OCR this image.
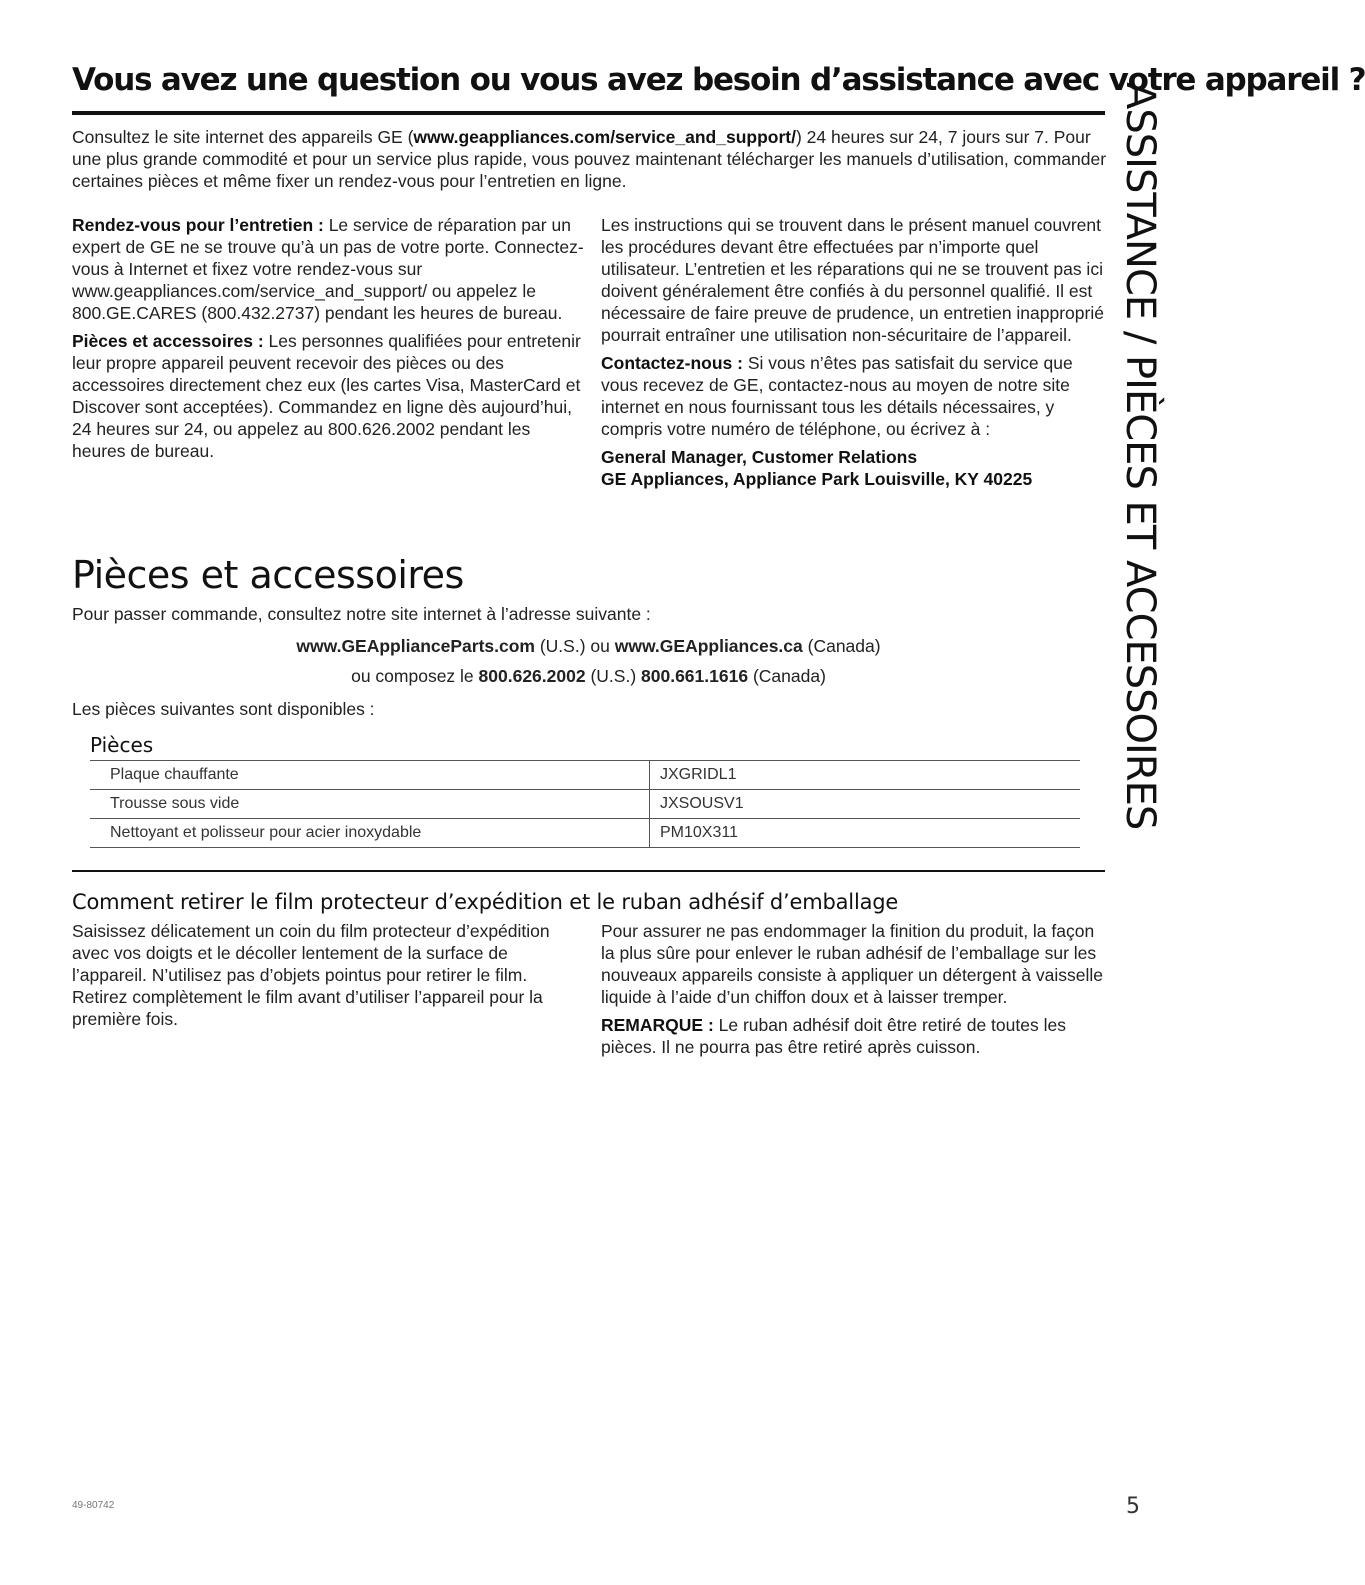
Vous avez une question ou vous avez besoin d’assistance avec votre appareil ?

Consultez le site internet des appareils GE (www.geappliances.com/service_and_support/) 24 heures sur 24, 7 jours sur 7. Pour une plus grande commodité et pour un service plus rapide, vous pouvez maintenant télécharger les manuels d’utilisation, commander certaines pièces et même fixer un rendez-vous pour l’entretien en ligne.

Rendez-vous pour l’entretien : Le service de réparation par un expert de GE ne se trouve qu’à un pas de votre porte. Connectez-vous à Internet et fixez votre rendez-vous sur www.geappliances.com/service_and_support/ ou appelez le 800.GE.CARES (800.432.2737) pendant les heures de bureau.

Pièces et accessoires : Les personnes qualifiées pour entretenir leur propre appareil peuvent recevoir des pièces ou des accessoires directement chez eux (les cartes Visa, MasterCard et Discover sont acceptées). Commandez en ligne dès aujourd’hui, 24 heures sur 24, ou appelez au 800.626.2002 pendant les heures de bureau.

Les instructions qui se trouvent dans le présent manuel couvrent les procédures devant être effectuées par n’importe quel utilisateur. L’entretien et les réparations qui ne se trouvent pas ici doivent généralement être confiés à du personnel qualifié. Il est nécessaire de faire preuve de prudence, un entretien inapproprié pourrait entraîner une utilisation non-sécuritaire de l’appareil.

Contactez-nous : Si vous n’êtes pas satisfait du service que vous recevez de GE, contactez-nous au moyen de notre site internet en nous fournissant tous les détails nécessaires, y compris votre numéro de téléphone, ou écrivez à :

General Manager, Customer Relations
GE Appliances, Appliance Park Louisville, KY 40225

Pièces et accessoires

Pour passer commande, consultez notre site internet à l’adresse suivante :

www.GEApplianceParts.com (U.S.) ou www.GEAppliances.ca (Canada)
ou composez le 800.626.2002 (U.S.) 800.661.1616 (Canada)

Les pièces suivantes sont disponibles :

Pièces
Plaque chauffante	JXGRIDL1
Trousse sous vide	JXSOUSV1
Nettoyant et polisseur pour acier inoxydable	PM10X311
Comment retirer le film protecteur d’expédition et le ruban adhésif d’emballage

Saisissez délicatement un coin du film protecteur d’expédition avec vos doigts et le décoller lentement de la surface de l’appareil. N’utilisez pas d’objets pointus pour retirer le film. Retirez complètement le film avant d’utiliser l’appareil pour la première fois.

Pour assurer ne pas endommager la finition du produit, la façon la plus sûre pour enlever le ruban adhésif de l’emballage sur les nouveaux appareils consiste à appliquer un détergent à vaisselle liquide à l’aide d’un chiffon doux et à laisser tremper.

REMARQUE : Le ruban adhésif doit être retiré de toutes les pièces. Il ne pourra pas être retiré après cuisson.

ASSISTANCE / PIÈCES ET ACCESSOIRES
49-80742	5
